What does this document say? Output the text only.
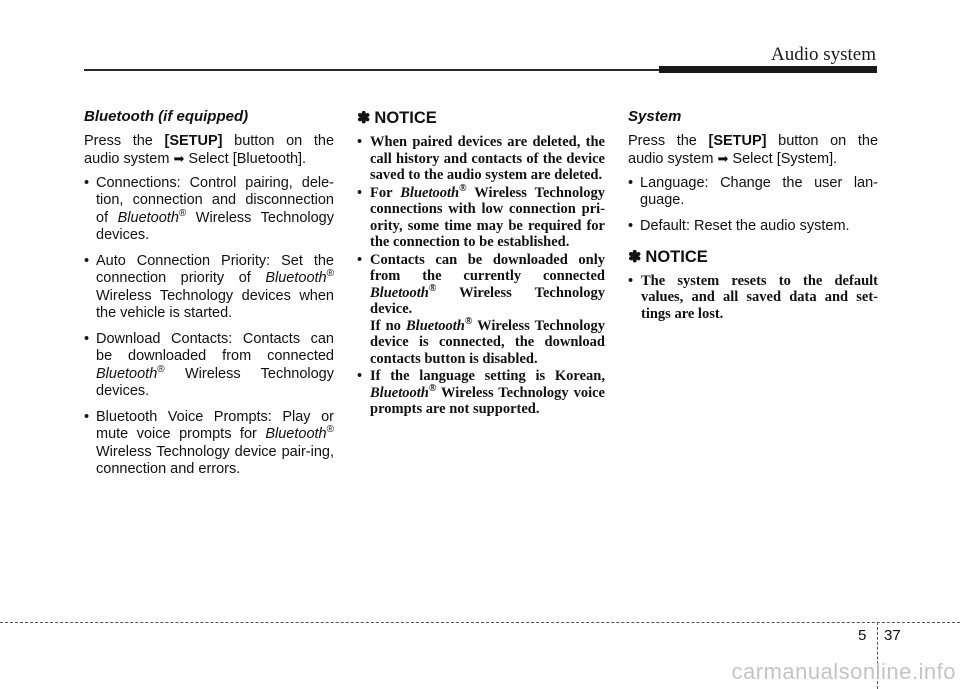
Audio system
Bluetooth (if equipped)

Press the [SETUP] button on the audio system ➡ Select [Bluetooth].

• Connections: Control pairing, dele-tion, connection and disconnection of Bluetooth® Wireless Technology devices.
• Auto Connection Priority: Set the connection priority of Bluetooth® Wireless Technology devices when the vehicle is started.
• Download Contacts: Contacts can be downloaded from connected Bluetooth® Wireless Technology devices.
• Bluetooth Voice Prompts: Play or mute voice prompts for Bluetooth® Wireless Technology device pair-ing, connection and errors.
✽ NOTICE
• When paired devices are deleted, the call history and contacts of the device saved to the audio system are deleted.
• For Bluetooth® Wireless Technology connections with low connection pri-ority, some time may be required for the connection to be established.
• Contacts can be downloaded only from the currently connected Bluetooth® Wireless Technology device.
If no Bluetooth® Wireless Technology device is connected, the download contacts button is disabled.
• If the language setting is Korean, Bluetooth® Wireless Technology voice prompts are not supported.
System

Press the [SETUP] button on the audio system ➡ Select [System].

• Language: Change the user lan-guage.
• Default: Reset the audio system.
✽ NOTICE
• The system resets to the default values, and all saved data and set-tings are lost.
5 37
carmanualsonline.info
